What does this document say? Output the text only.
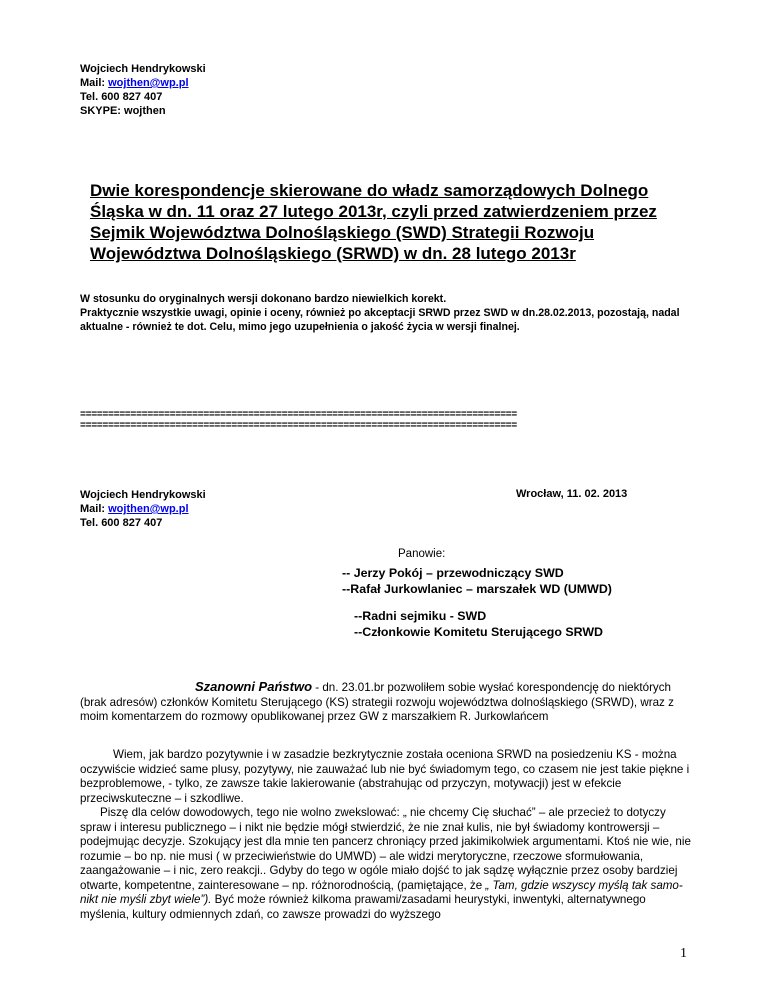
Wojciech Hendrykowski
Mail: wojthen@wp.pl
Tel. 600 827 407
SKYPE: wojthen

Dwie korespondencje skierowane do władz samorządowych Dolnego Śląska w dn. 11 oraz 27 lutego 2013r, czyli przed zatwierdzeniem przez Sejmik Województwa Dolnośląskiego (SWD) Strategii Rozwoju Województwa Dolnośląskiego (SRWD) w dn. 28 lutego 2013r

W stosunku do oryginalnych wersji dokonano bardzo niewielkich korekt.
Praktycznie wszystkie uwagi, opinie i oceny, również po akceptacji SRWD przez SWD w dn.28.02.2013, pozostają, nadal aktualne - również te dot. Celu, mimo jego uzupełnienia o jakość życia w wersji finalnej.
==============================================================================
==============================================================================
Wojciech Hendrykowski
Mail: wojthen@wp.pl
Tel. 600 827 407
Wrocław, 11. 02. 2013
Panowie:
-- Jerzy Pokój – przewodniczący SWD
--Rafał Jurkowlaniec – marszałek WD (UMWD)
--Radni sejmiku - SWD
--Członkowie Komitetu Sterującego SRWD
Szanowni Państwo - dn. 23.01.br pozwoliłem sobie wysłać korespondencję do niektórych (brak adresów) członków Komitetu Sterującego (KS) strategii rozwoju województwa dolnośląskiego (SRWD), wraz z moim komentarzem do rozmowy opublikowanej przez GW z marszałkiem R. Jurkowlańcem
Wiem, jak bardzo pozytywnie i w zasadzie bezkrytycznie została oceniona SRWD na posiedzeniu KS - można oczywiście widzieć same plusy, pozytywy, nie zauważać lub nie być świadomym tego, co czasem nie jest takie piękne i bezproblemowe, - tylko, ze zawsze takie lakierowanie (abstrahując od przyczyn, motywacji) jest w efekcie przeciwskuteczne – i szkodliwe.
Piszę dla celów dowodowych, tego nie wolno zwekslować: „ nie chcemy Cię słuchać” – ale przecież to dotyczy spraw i interesu publicznego – i nikt nie będzie mógł stwierdzić, że nie znał kulis, nie był świadomy kontrowersji – podejmując decyzje. Szokujący jest dla mnie ten pancerz chroniący przed jakimikolwiek argumentami. Ktoś nie wie, nie rozumie – bo np. nie musi ( w przeciwieństwie do UMWD) – ale widzi merytoryczne, rzeczowe sformułowania, zaangażowanie – i nic, zero reakcji.. Gdyby do tego w ogóle miało dojść to jak sądzę wyłącznie przez osoby bardziej otwarte, kompetentne, zainteresowane – np. różnorodnością, (pamiętające, że „ Tam, gdzie wszyscy myślą tak samo- nikt nie myśli zbyt wiele”). Być może również kilkoma prawami/zasadami heurystyki, inwentyki, alternatywnego myślenia, kultury odmiennych zdań, co zawsze prowadzi do wyższego
1
